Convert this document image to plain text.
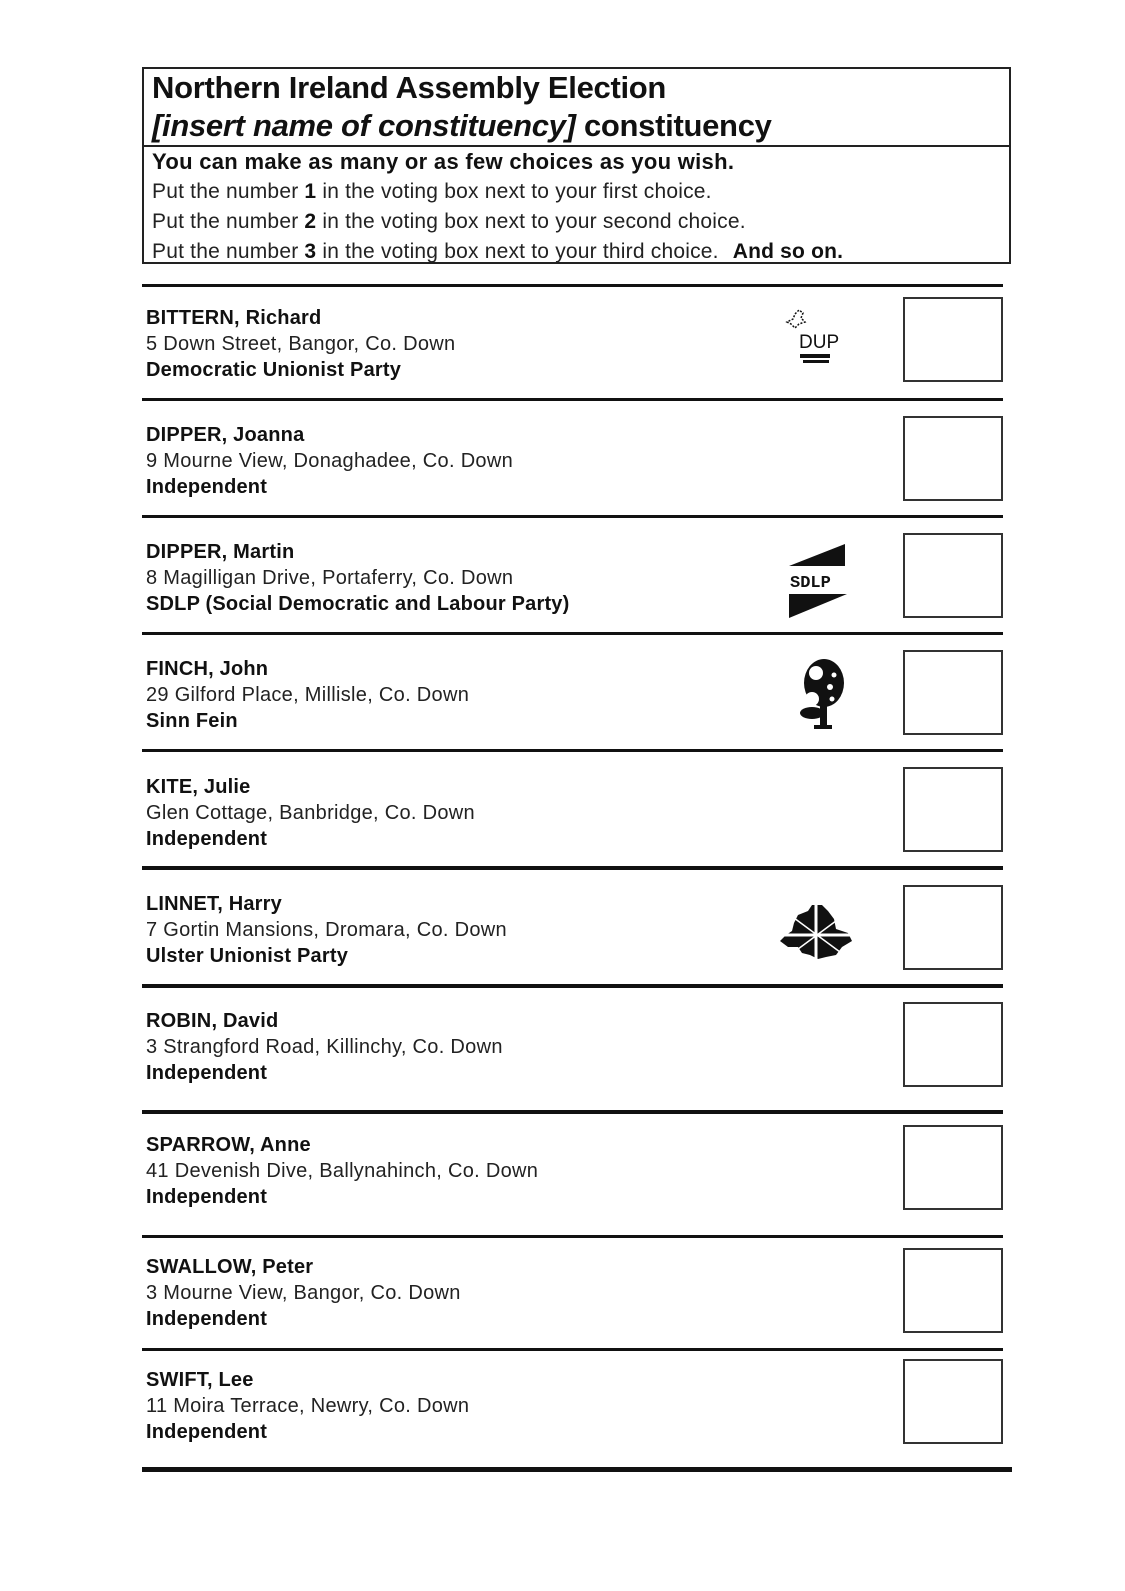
Northern Ireland Assembly Election
[insert name of constituency] constituency
You can make as many or as few choices as you wish.
Put the number 1 in the voting box next to your first choice.
Put the number 2 in the voting box next to your second choice.
Put the number 3 in the voting box next to your third choice. And so on.
BITTERN, Richard
5 Down Street, Bangor, Co. Down
Democratic Unionist Party
DUP
DIPPER, Joanna
9 Mourne View, Donaghadee, Co. Down
Independent
DIPPER, Martin
8 Magilligan Drive, Portaferry, Co. Down
SDLP (Social Democratic and Labour Party)
SDLP
FINCH, John
29 Gilford Place, Millisle, Co. Down
Sinn Fein
KITE, Julie
Glen Cottage, Banbridge, Co. Down
Independent
LINNET, Harry
7 Gortin Mansions, Dromara, Co. Down
Ulster Unionist Party
ROBIN, David
3 Strangford Road, Killinchy, Co. Down
Independent
SPARROW, Anne
41 Devenish Dive, Ballynahinch, Co. Down
Independent
SWALLOW, Peter
3 Mourne View, Bangor, Co. Down
Independent
SWIFT, Lee
11 Moira Terrace, Newry, Co. Down
Independent
